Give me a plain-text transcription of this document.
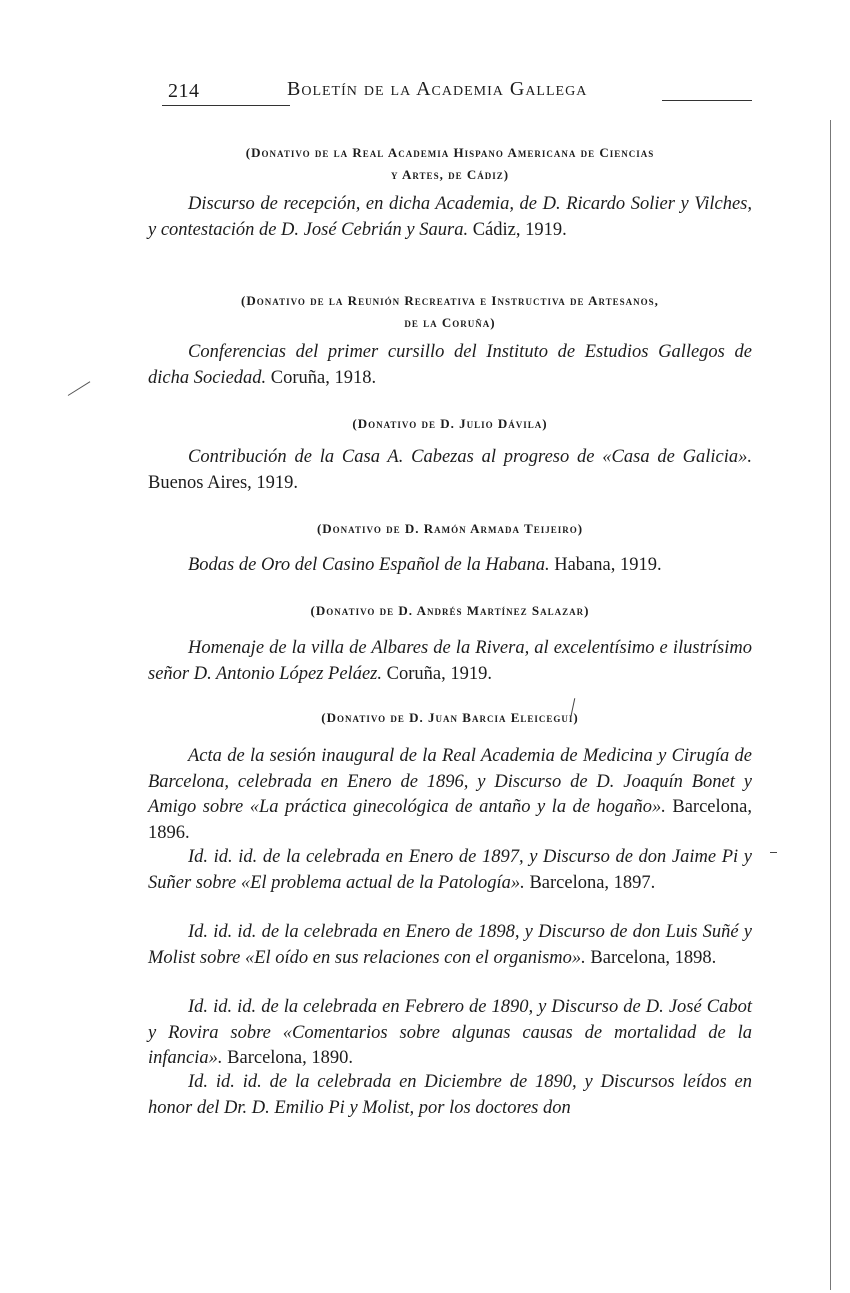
214	Boletín de la Academia Gallega
(Donativo de la Real Academia Hispano Americana de Ciencias
y Artes, de Cádiz)

Discurso de recepción, en dicha Academia, de D. Ricardo Solier y Vilches, y contestación de D. José Cebrián y Saura. Cádiz, 1919.

(Donativo de la Reunión Recreativa e Instructiva de Artesanos,
de la Coruña)

Conferencias del primer cursillo del Instituto de Estudios Gallegos de dicha Sociedad. Coruña, 1918.

(Donativo de D. Julio Dávila)

Contribución de la Casa A. Cabezas al progreso de «Casa de Galicia». Buenos Aires, 1919.

(Donativo de D. Ramón Armada Teijeiro)

Bodas de Oro del Casino Español de la Habana. Habana, 1919.

(Donativo de D. Andrés Martínez Salazar)

Homenaje de la villa de Albares de la Rivera, al excelentísimo e ilustrísimo señor D. Antonio López Peláez. Coruña, 1919.

(Donativo de D. Juan Barcia Eleicegui)

Acta de la sesión inaugural de la Real Academia de Medicina y Cirugía de Barcelona, celebrada en Enero de 1896, y Discurso de D. Joaquín Bonet y Amigo sobre «La práctica ginecológica de antaño y la de hogaño». Barcelona, 1896.

Id. id. id. de la celebrada en Enero de 1897, y Discurso de don Jaime Pi y Suñer sobre «El problema actual de la Patología». Barcelona, 1897.

Id. id. id. de la celebrada en Enero de 1898, y Discurso de don Luis Suñé y Molist sobre «El oído en sus relaciones con el organismo». Barcelona, 1898.

Id. id. id. de la celebrada en Febrero de 1890, y Discurso de D. José Cabot y Rovira sobre «Comentarios sobre algunas causas de mortalidad de la infancia». Barcelona, 1890.

Id. id. id. de la celebrada en Diciembre de 1890, y Discursos leídos en honor del Dr. D. Emilio Pi y Molist, por los doctores don
